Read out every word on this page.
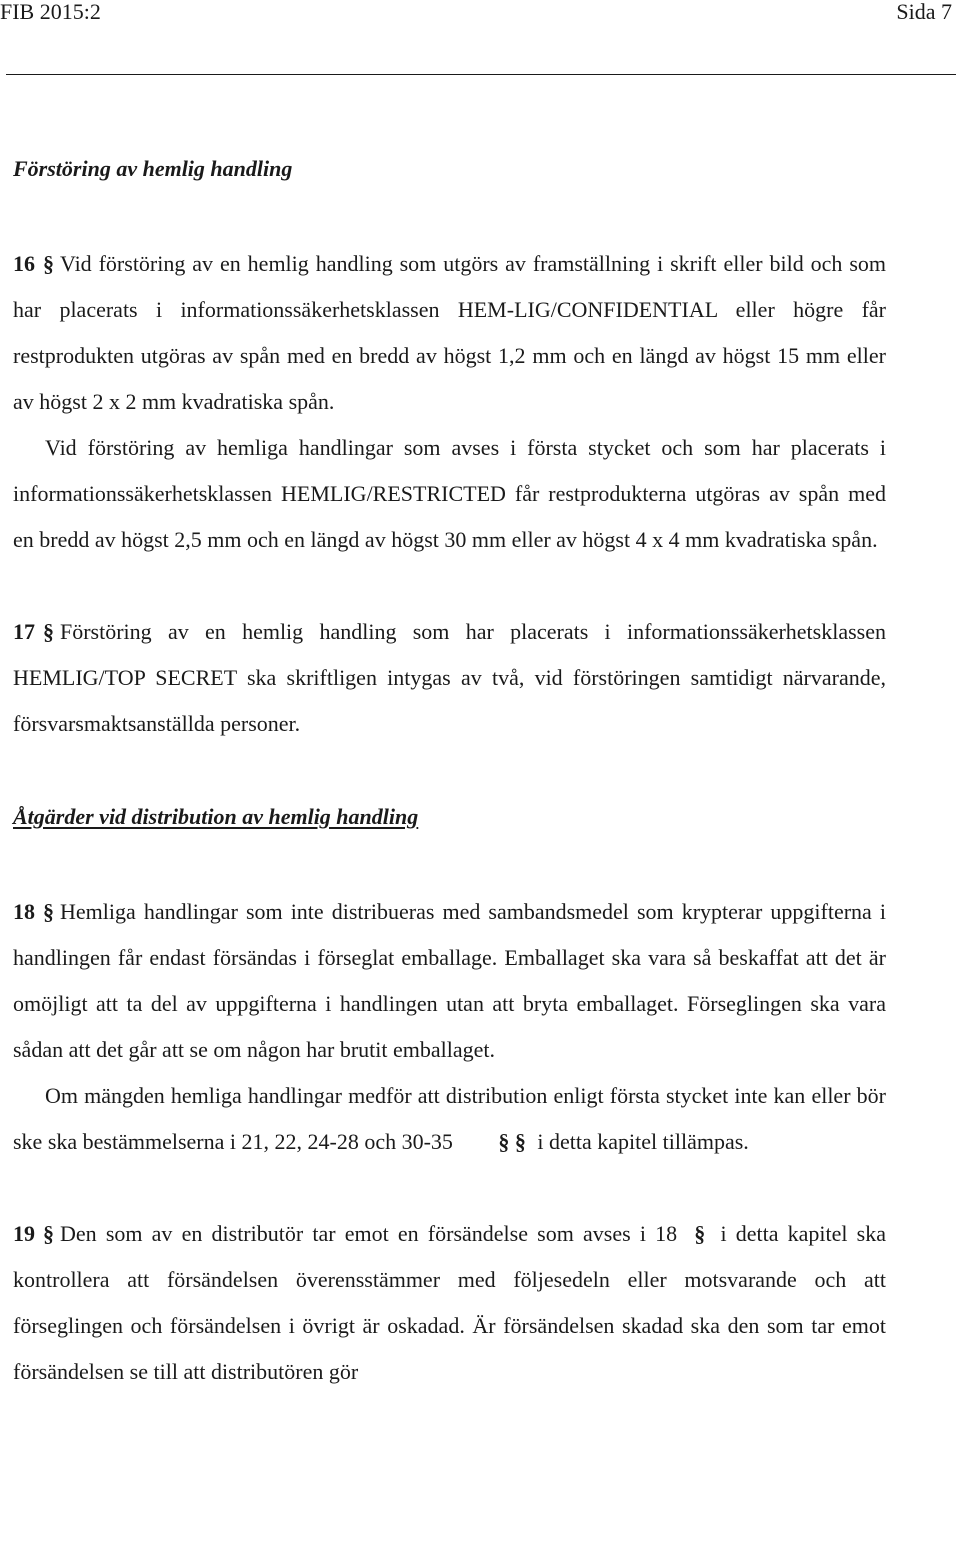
FIB 2015:2	Sida 7

Förstöring av hemlig handling

16 § Vid förstöring av en hemlig handling som utgörs av framställning i skrift eller bild och som har placerats i informationssäkerhetsklassen HEM-LIG/CONFIDENTIAL eller högre får restprodukten utgöras av spån med en bredd av högst 1,2 mm och en längd av högst 15 mm eller av högst 2 x 2 mm kvadratiska spån.

Vid förstöring av hemliga handlingar som avses i första stycket och som har placerats i informationssäkerhetsklassen HEMLIG/RESTRICTED får restprodukterna utgöras av spån med en bredd av högst 2,5 mm och en längd av högst 30 mm eller av högst 4 x 4 mm kvadratiska spån.

17 § Förstöring av en hemlig handling som har placerats i informationssäkerhetsklassen HEMLIG/TOP SECRET ska skriftligen intygas av två, vid förstöringen samtidigt närvarande, försvarsmaktsanställda personer.

Åtgärder vid distribution av hemlig handling

18 § Hemliga handlingar som inte distribueras med sambandsmedel som krypterar uppgifterna i handlingen får endast försändas i förseglat emballage. Emballaget ska vara så beskaffat att det är omöjligt att ta del av uppgifterna i handlingen utan att bryta emballaget. Förseglingen ska vara sådan att det går att se om någon har brutit emballaget.

Om mängden hemliga handlingar medför att distribution enligt första stycket inte kan eller bör ske ska bestämmelserna i 21, 22, 24-28 och 30-35 § § i detta kapitel tillämpas.

19 § Den som av en distributör tar emot en försändelse som avses i 18 § i detta kapitel ska kontrollera att försändelsen överensstämmer med följesedeln eller motsvarande och att förseglingen och försändelsen i övrigt är oskadad. Är försändelsen skadad ska den som tar emot försändelsen se till att distributören gör
